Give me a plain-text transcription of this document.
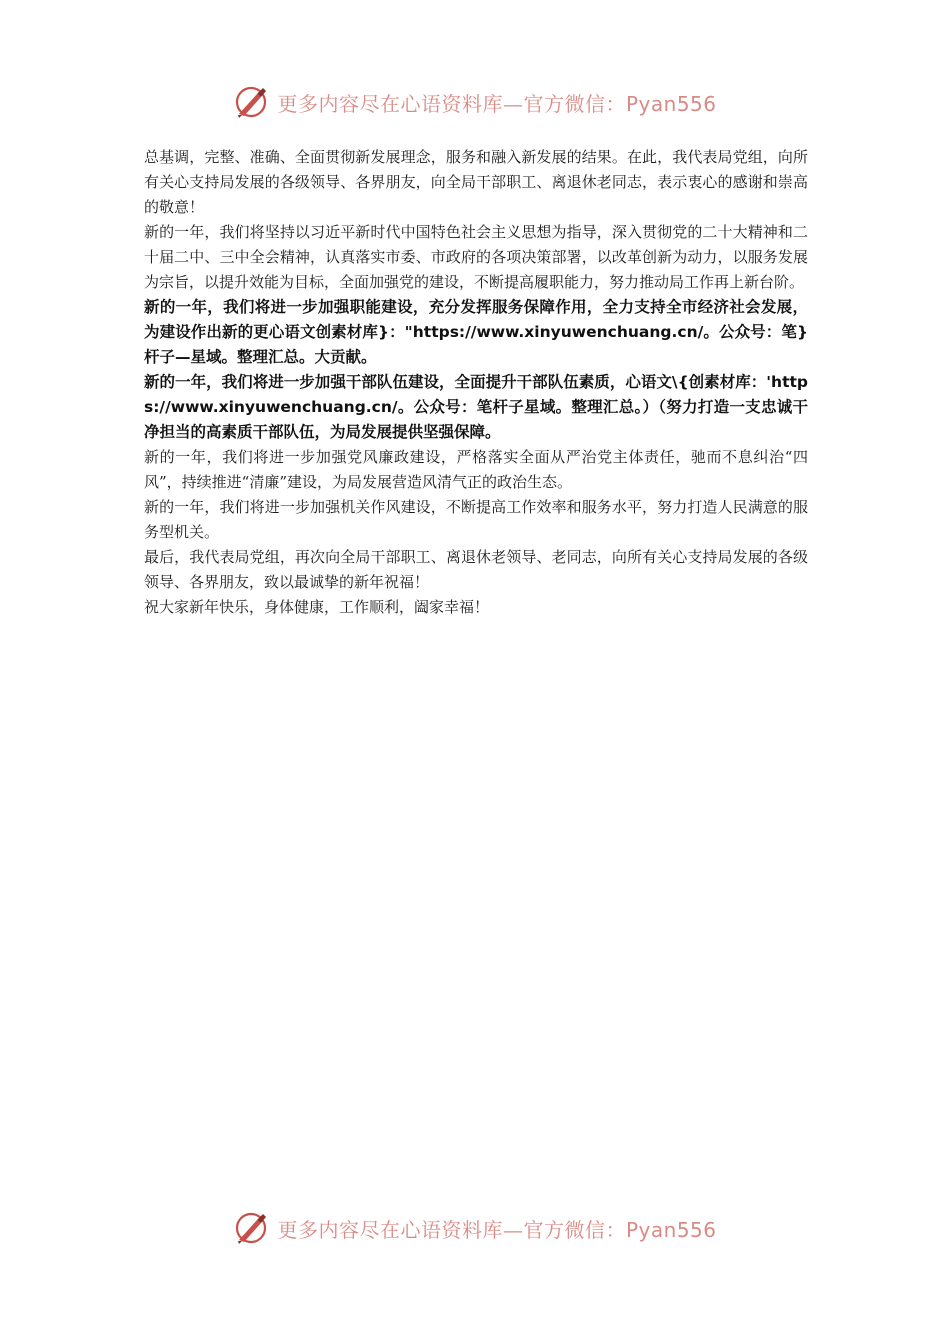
更多内容尽在心语资料库—官方微信：Pyan556

总基调，完整、准确、全面贯彻新发展理念，服务和融入新发展的结果。在此，我代表局党组，向所有关心支持局发展的各级领导、各界朋友，向全局干部职工、离退休老同志，表示衷心的感谢和崇高的敬意！

新的一年，我们将坚持以习近平新时代中国特色社会主义思想为指导，深入贯彻党的二十大精神和二十届二中、三中全会精神，认真落实市委、市政府的各项决策部署，以改革创新为动力，以服务发展为宗旨，以提升效能为目标，全面加强党的建设，不断提高履职能力，努力推动局工作再上新台阶。

新的一年，我们将进一步加强职能建设，充分发挥服务保障作用，全力支持全市经济社会发展，为建设作出新的更心语文创素材库}："https://www.xinyuwenchuang.cn/。公众号：笔}杆子—星域。整理汇总。大贡献。

新的一年，我们将进一步加强干部队伍建设，全面提升干部队伍素质，心语文\{创素材库：'https://www.xinyuwenchuang.cn/。公众号：笔杆子星域。整理汇总。）（努力打造一支忠诚干净担当的高素质干部队伍，为局发展提供坚强保障。

新的一年，我们将进一步加强党风廉政建设，严格落实全面从严治党主体责任，驰而不息纠治“四风”，持续推进“清廉”建设，为局发展营造风清气正的政治生态。

新的一年，我们将进一步加强机关作风建设，不断提高工作效率和服务水平，努力打造人民满意的服务型机关。

最后，我代表局党组，再次向全局干部职工、离退休老领导、老同志，向所有关心支持局发展的各级领导、各界朋友，致以最诚挚的新年祝福！

祝大家新年快乐，身体健康，工作顺利，阖家幸福！

更多内容尽在心语资料库—官方微信：Pyan556
